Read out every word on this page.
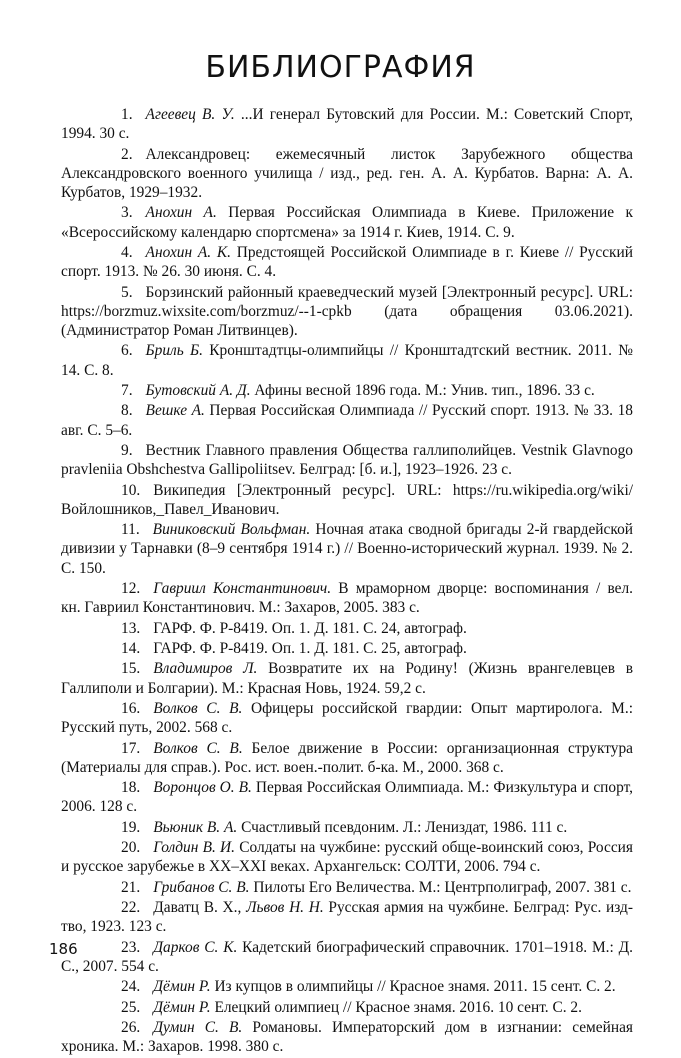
БИБЛИОГРАФИЯ

1. Агеевец В. У. ...И генерал Бутовский для России. М.: Советский Спорт, 1994. 30 с.

2. Александровец: ежемесячный листок Зарубежного общества Александровского военного училища / изд., ред. ген. А. А. Курбатов. Варна: А. А. Курбатов, 1929–1932.

3. Анохин А. Первая Российская Олимпиада в Киеве. Приложение к «Всероссийскому календарю спортсмена» за 1914 г. Киев, 1914. С. 9.

4. Анохин А. К. Предстоящей Российской Олимпиаде в г. Киеве // Русский спорт. 1913. № 26. 30 июня. С. 4.

5. Борзинский районный краеведческий музей [Электронный ресурс]. URL: https://borzmuz.wixsite.com/borzmuz/--1-cpkb (дата обращения 03.06.2021). (Администратор Роман Литвинцев).

6. Бриль Б. Кронштадтцы-олимпийцы // Кронштадтский вестник. 2011. № 14. С. 8.

7. Бутовский А. Д. Афины весной 1896 года. М.: Унив. тип., 1896. 33 с.

8. Вешке А. Первая Российская Олимпиада // Русский спорт. 1913. № 33. 18 авг. С. 5–6.

9. Вестник Главного правления Общества галлиполийцев. Vestnik Glavnogo pravleniia Obshchestva Gallipoliitsev. Белград: [б. и.], 1923–1926. 23 с.

10. Википедия [Электронный ресурс]. URL: https://ru.wikipedia.org/wiki/Войлошников,_Павел_Иванович.

11. Виниковский Вольфман. Ночная атака сводной бригады 2-й гвардейской дивизии у Тарнавки (8–9 сентября 1914 г.) // Военно-исторический журнал. 1939. № 2. С. 150.

12. Гавриил Константинович. В мраморном дворце: воспоминания / вел. кн. Гавриил Константинович. М.: Захаров, 2005. 383 с.

13. ГАРФ. Ф. Р-8419. Оп. 1. Д. 181. С. 24, автограф.

14. ГАРФ. Ф. Р-8419. Оп. 1. Д. 181. С. 25, автограф.

15. Владимиров Л. Возвратите их на Родину! (Жизнь врангелевцев в Галлиполи и Болгарии). М.: Красная Новь, 1924. 59,2 с.

16. Волков С. В. Офицеры российской гвардии: Опыт мартиролога. М.: Русский путь, 2002. 568 с.

17. Волков С. В. Белое движение в России: организационная структура (Материалы для справ.). Рос. ист. воен.-полит. б-ка. М., 2000. 368 с.

18. Воронцов О. В. Первая Российская Олимпиада. М.: Физкультура и спорт, 2006. 128 с.

19. Вьюник В. А. Счастливый псевдоним. Л.: Лениздат, 1986. 111 с.

20. Голдин В. И. Солдаты на чужбине: русский обще-воинский союз, Россия и русское зарубежье в XX–XXI веках. Архангельск: СОЛТИ, 2006. 794 с.

21. Грибанов С. В. Пилоты Его Величества. М.: Центрполиграф, 2007. 381 с.

22. Даватц В. Х., Львов Н. Н. Русская армия на чужбине. Белград: Рус. изд-тво, 1923. 123 с.

23. Дарков С. К. Кадетский биографический справочник. 1701–1918. М.: Д. С., 2007. 554 с.

24. Дёмин Р. Из купцов в олимпийцы // Красное знамя. 2011. 15 сент. С. 2.

25. Дёмин Р. Елецкий олимпиец // Красное знамя. 2016. 10 сент. С. 2.

26. Думин С. В. Романовы. Императорский дом в изгнании: семейная хроника. М.: Захаров. 1998. 380 с.

186
